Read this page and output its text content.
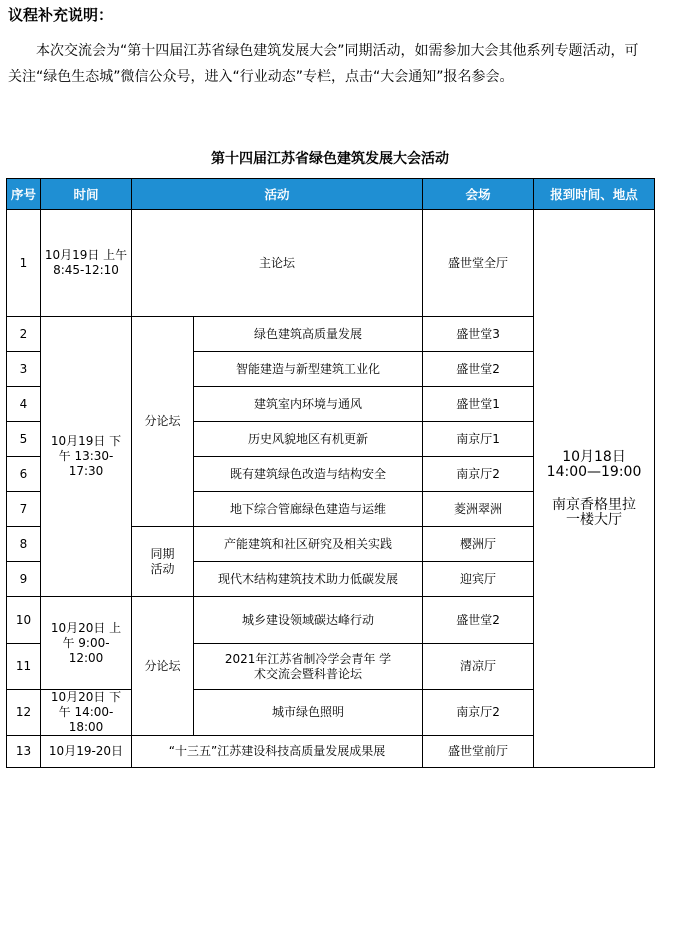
议程补充说明：
本次交流会为“第十四届江苏省绿色建筑发展大会”同期活动，如需参加大会其他系列专题活动，可关注“绿色生态城”微信公众号，进入“行业动态”专栏，点击“大会通知”报名参会。
第十四届江苏省绿色建筑发展大会活动
序号	时间	活动		会场	报到时间、地点
1	10月19日 上午 8:45-12:10	主论坛		盛世堂全厅	10月18日
14:00—19:00
南京香格里拉 一楼大厅

2	10月19日 下午 13:30-17:30	分论坛	绿色建筑高质量发展	盛世堂3	
3			智能建造与新型建筑工业化	盛世堂2	
4			建筑室内环境与通风	盛世堂1	
5			历史风貌地区有机更新	南京厅1	
6			既有建筑绿色改造与结构安全	南京厅2	
7			地下综合管廊绿色建造与运维	菱洲翠洲	
8		同期 活动	产能建筑和社区研究及相关实践	樱洲厅	
9			现代木结构建筑技术助力低碳发展	迎宾厅	
10	10月20日 上午 9:00-12:00	分论坛	城乡建设领域碳达峰行动	盛世堂2	
11			2021年江苏省制冷学会青年 学术交流会暨科普论坛	清凉厅	
12	10月20日 下午 14:00-18:00		城市绿色照明	南京厅2	
13	10月19-20日	“十三五”江苏建设科技高质量发展成果展		盛世堂前厅	
